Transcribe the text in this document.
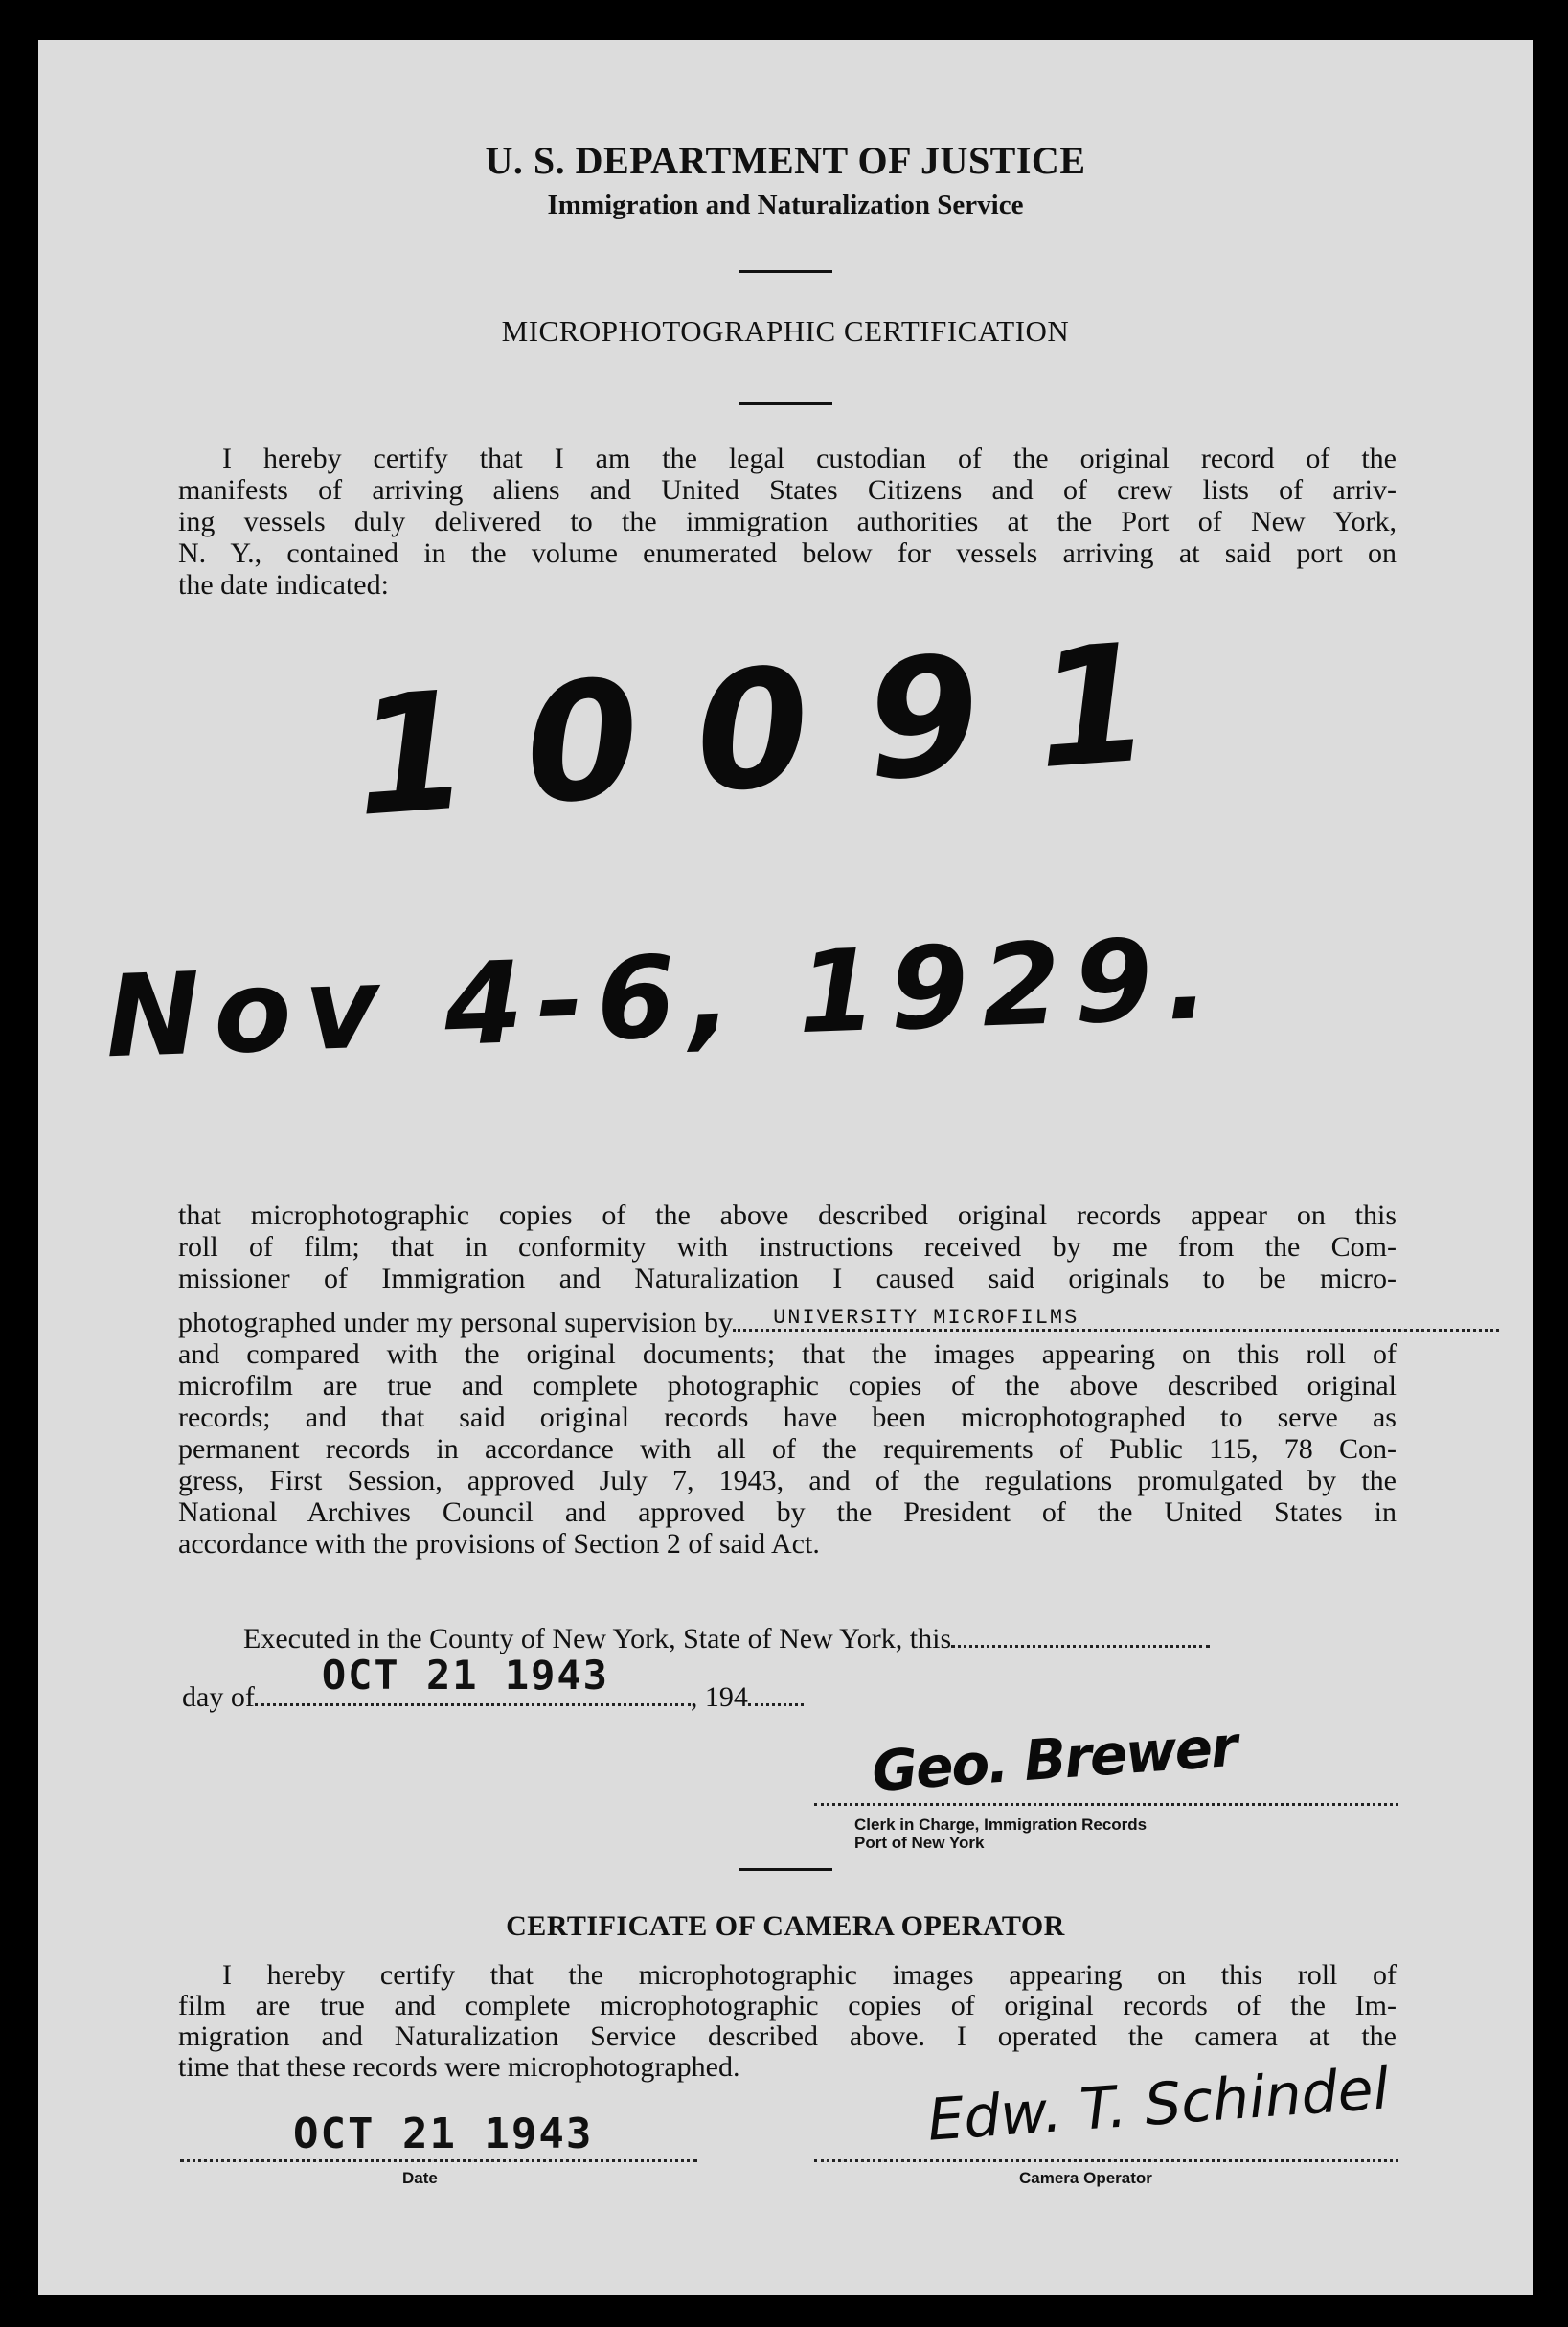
U. S. DEPARTMENT OF JUSTICE
Immigration and Naturalization Service
MICROPHOTOGRAPHIC CERTIFICATION
I hereby certify that I am the legal custodian of the original record of the
manifests of arriving aliens and United States Citizens and of crew lists of arriv-
ing vessels duly delivered to the immigration authorities at the Port of New York,
N. Y., contained in the volume enumerated below for vessels arriving at said port on
the date indicated:
10091
Nov 4-6, 1929.
that microphotographic copies of the above described original records appear on this
roll of film; that in conformity with instructions received by me from the Com-
missioner of Immigration and Naturalization I caused said originals to be micro-
photographed under my personal supervision by UNIVERSITY MICROFILMS
and compared with the original documents; that the images appearing on this roll of
microfilm are true and complete photographic copies of the above described original
records; and that said original records have been microphotographed to serve as
permanent records in accordance with all of the requirements of Public 115, 78 Con-
gress, First Session, approved July 7, 1943, and of the regulations promulgated by the
National Archives Council and approved by the President of the United States in
accordance with the provisions of Section 2 of said Act.
Executed in the County of New York, State of New York, this
day of OCT 21 1943	, 194
Geo. Brewer
Clerk in Charge, Immigration Records
Port of New York
CERTIFICATE OF CAMERA OPERATOR
I hereby certify that the microphotographic images appearing on this roll of
film are true and complete microphotographic copies of original records of the Im-
migration and Naturalization Service described above. I operated the camera at the
time that these records were microphotographed.
OCT 21 1943
Date
Edw. T. Schindel
Camera Operator
